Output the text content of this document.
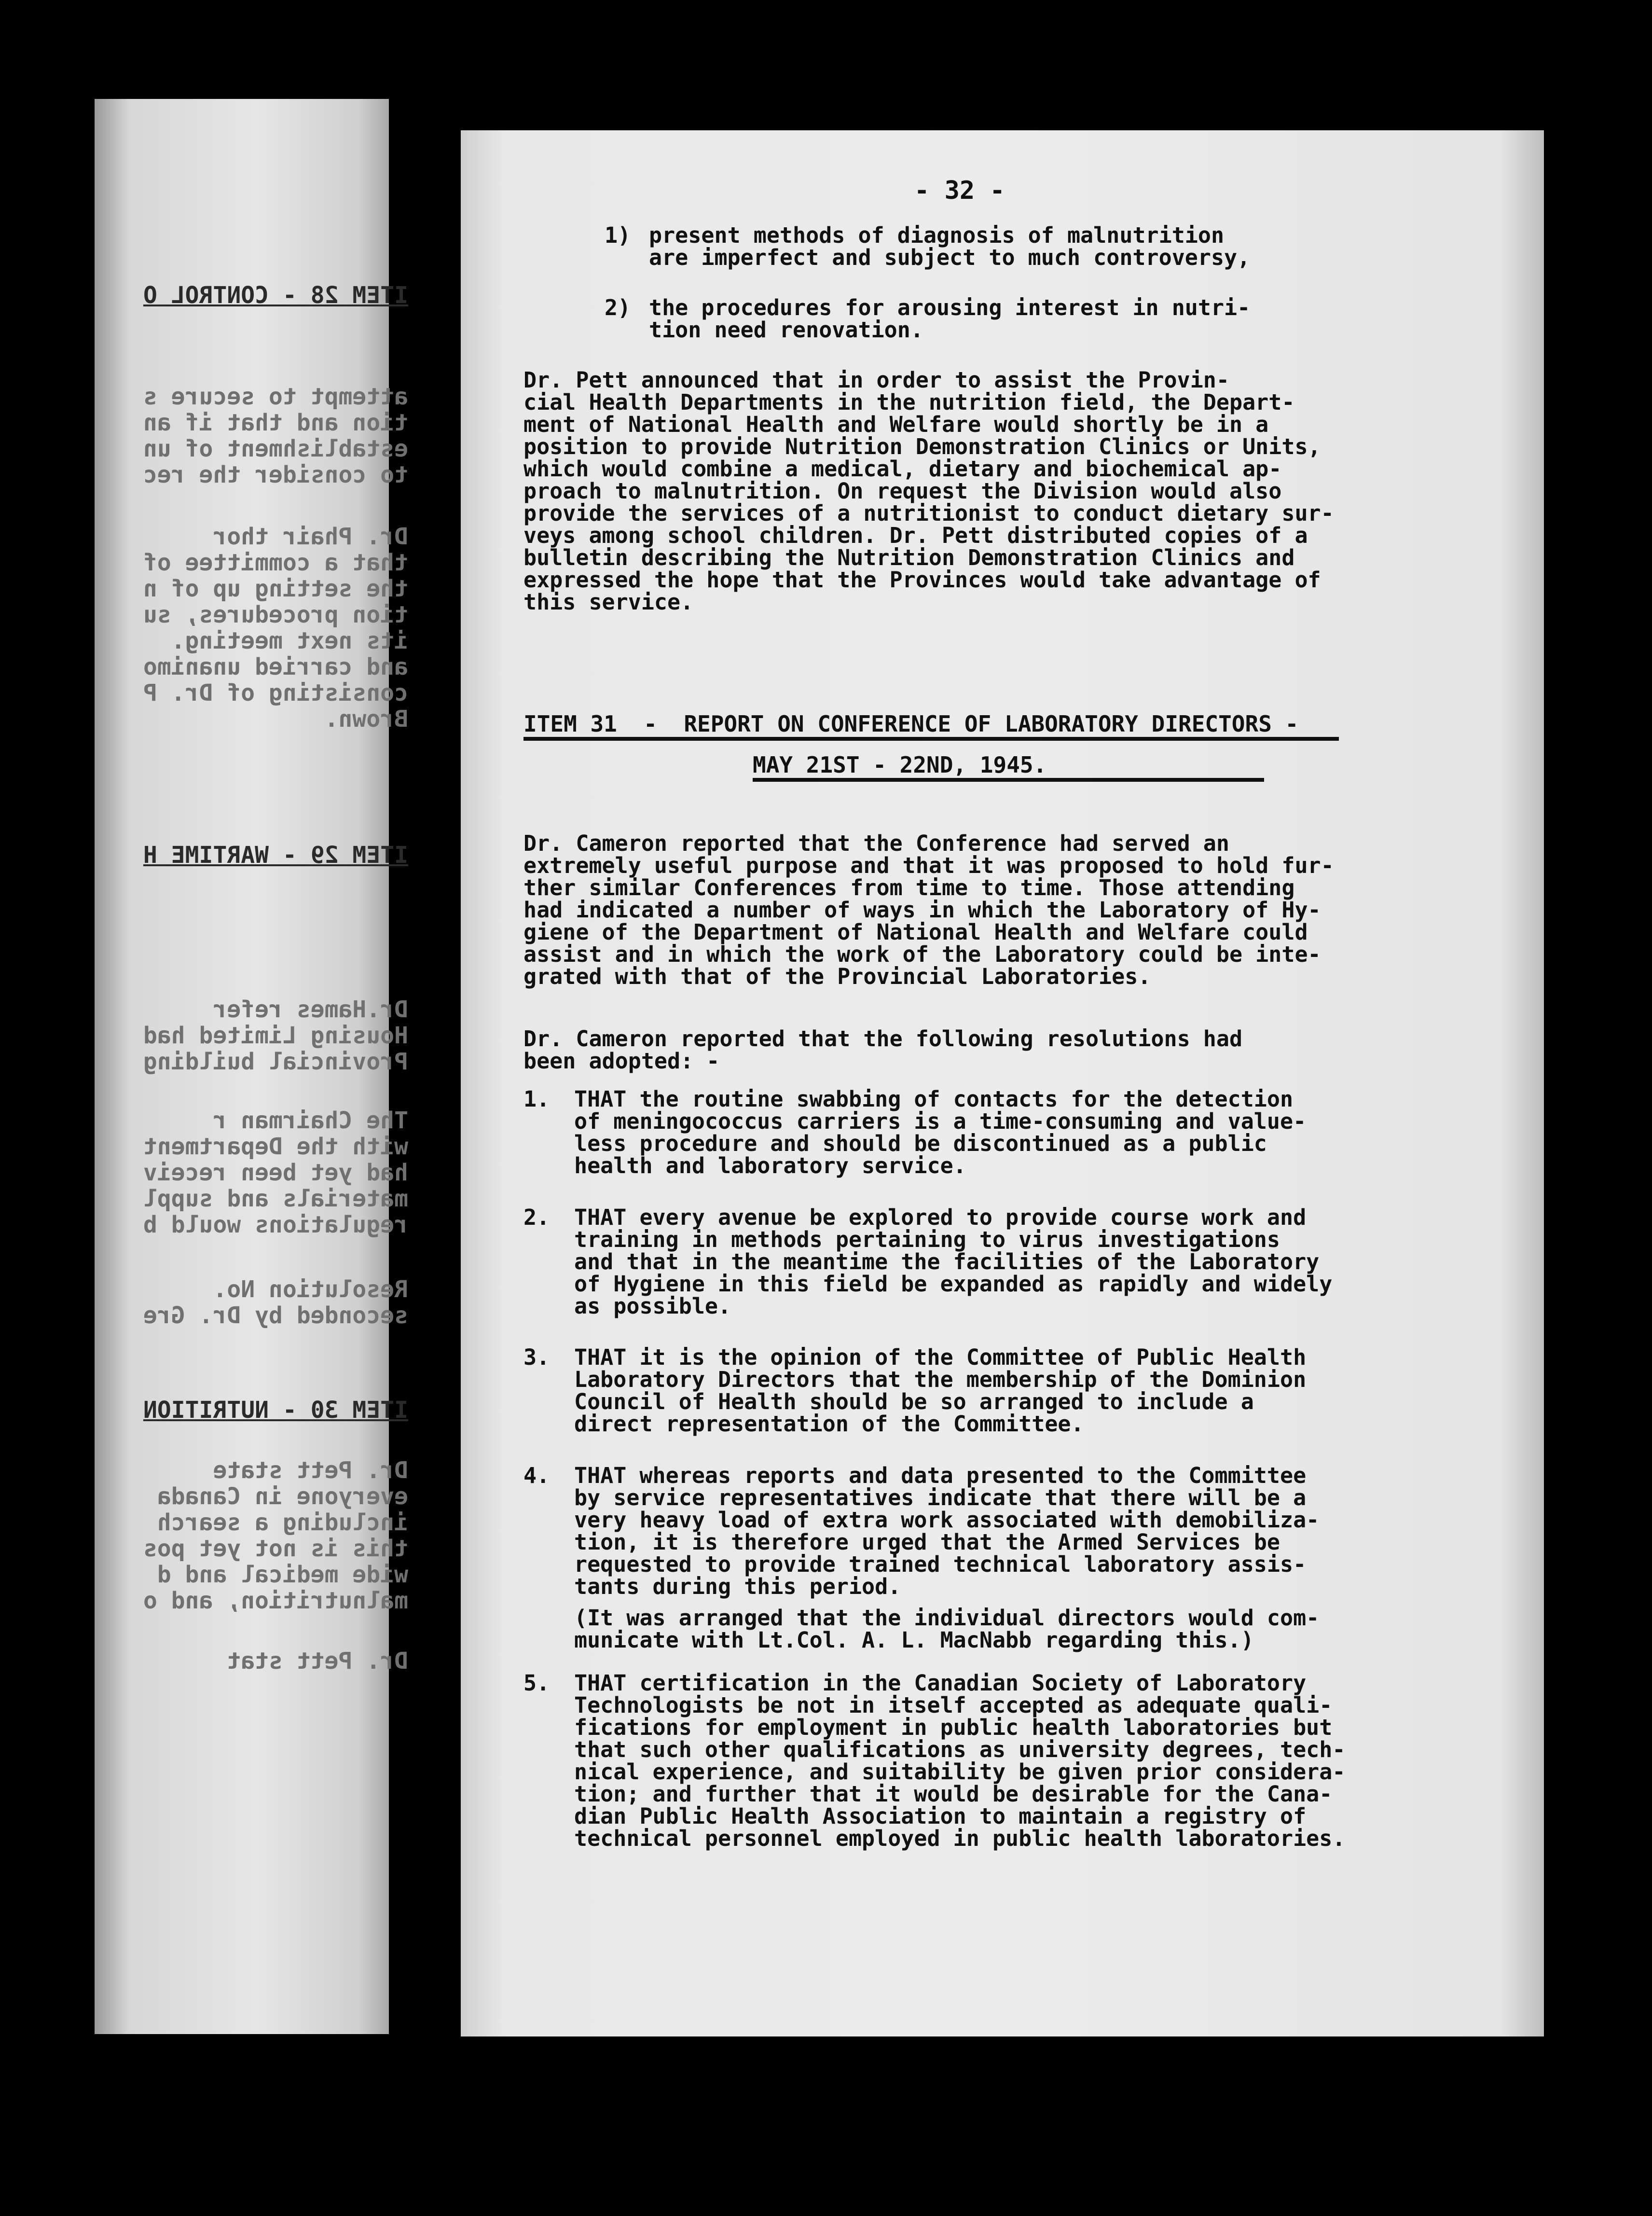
ITEM 28 - CONTROL O
attempt to secure s
tion and that if an
establishment of un
to consider the rec
Dr. Phair thor
that a committee of
the setting up of n
tion procedures, su
its next meeting.
and carried unanimo
consisting of Dr. P
Brown.
ITEM 29 - WARTIME H
Dr.Hames refer
Housing Limited had
Provincial building
The Chairman r
with the Department
had yet been receiv
materials and suppl
regulations would b
Resolution No.
seconded by Dr. Gre
ITEM 30 - NUTRITION
Dr. Pett state
everyone in Canada
including a search
this is not yet pos
wide medical and d
malnutrition, and o
Dr. Pett stat
- 32 -
1) present methods of diagnosis of malnutrition
are imperfect and subject to much controversy,
2) the procedures for arousing interest in nutri-
tion need renovation.
Dr. Pett announced that in order to assist the Provin-
cial Health Departments in the nutrition field, the Depart-
ment of National Health and Welfare would shortly be in a
position to provide Nutrition Demonstration Clinics or Units,
which would combine a medical, dietary and biochemical ap-
proach to malnutrition. On request the Division would also
provide the services of a nutritionist to conduct dietary sur-
veys among school children. Dr. Pett distributed copies of a
bulletin describing the Nutrition Demonstration Clinics and
expressed the hope that the Provinces would take advantage of
this service.
ITEM 31  -  REPORT ON CONFERENCE OF LABORATORY DIRECTORS -
MAY 21ST - 22ND, 1945.
Dr. Cameron reported that the Conference had served an
extremely useful purpose and that it was proposed to hold fur-
ther similar Conferences from time to time. Those attending
had indicated a number of ways in which the Laboratory of Hy-
giene of the Department of National Health and Welfare could
assist and in which the work of the Laboratory could be inte-
grated with that of the Provincial Laboratories.
Dr. Cameron reported that the following resolutions had
been adopted: -
1. THAT the routine swabbing of contacts for the detection
of meningococcus carriers is a time-consuming and value-
less procedure and should be discontinued as a public
health and laboratory service.
2. THAT every avenue be explored to provide course work and
training in methods pertaining to virus investigations
and that in the meantime the facilities of the Laboratory
of Hygiene in this field be expanded as rapidly and widely
as possible.
3. THAT it is the opinion of the Committee of Public Health
Laboratory Directors that the membership of the Dominion
Council of Health should be so arranged to include a
direct representation of the Committee.
4. THAT whereas reports and data presented to the Committee
by service representatives indicate that there will be a
very heavy load of extra work associated with demobiliza-
tion, it is therefore urged that the Armed Services be
requested to provide trained technical laboratory assis-
tants during this period.
(It was arranged that the individual directors would com-
municate with Lt.Col. A. L. MacNabb regarding this.)
5. THAT certification in the Canadian Society of Laboratory
Technologists be not in itself accepted as adequate quali-
fications for employment in public health laboratories but
that such other qualifications as university degrees, tech-
nical experience, and suitability be given prior considera-
tion; and further that it would be desirable for the Cana-
dian Public Health Association to maintain a registry of
technical personnel employed in public health laboratories.
